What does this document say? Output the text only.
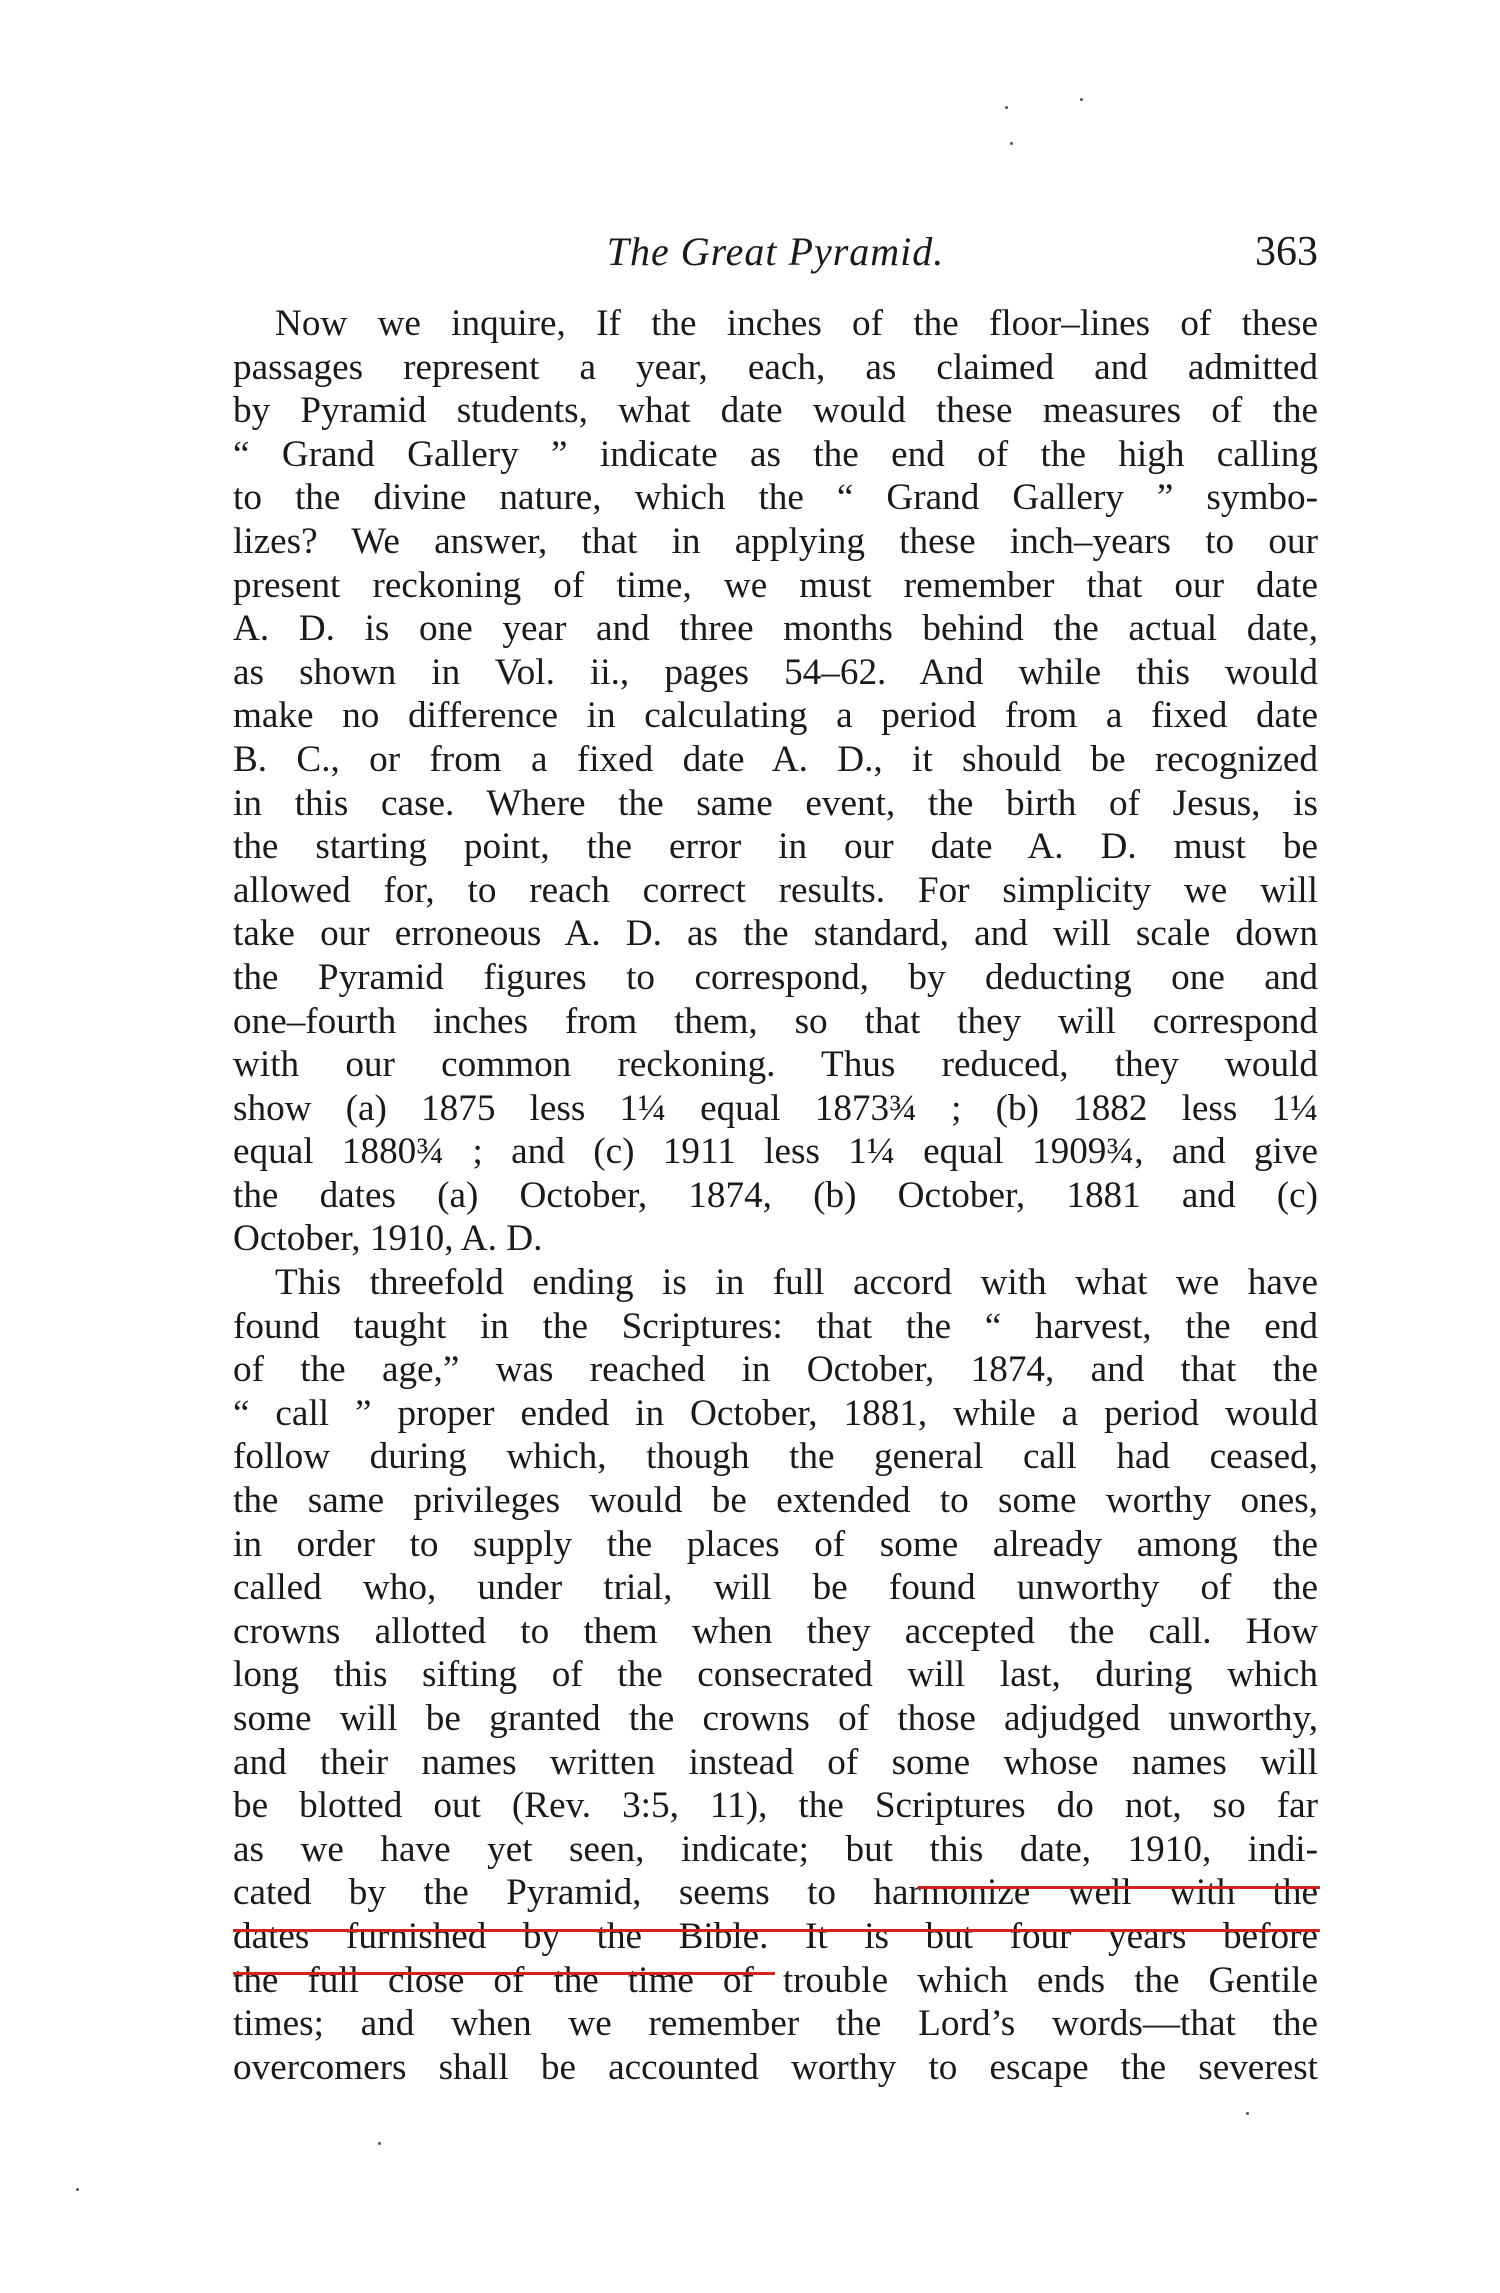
The Great Pyramid.	363
Now we inquire, If the inches of the floor–lines of these
passages represent a year, each, as claimed and admitted
by Pyramid students, what date would these measures of the
“ Grand Gallery ” indicate as the end of the high calling
to the divine nature, which the “ Grand Gallery ” symbo-
lizes? We answer, that in applying these inch–years to our
present reckoning of time, we must remember that our date
A. D. is one year and three months behind the actual date,
as shown in Vol. ii., pages 54–62. And while this would
make no difference in calculating a period from a fixed date
B. C., or from a fixed date A. D., it should be recognized
in this case. Where the same event, the birth of Jesus, is
the starting point, the error in our date A. D. must be
allowed for, to reach correct results. For simplicity we will
take our erroneous A. D. as the standard, and will scale down
the Pyramid figures to correspond, by deducting one and
one–fourth inches from them, so that they will correspond
with our common reckoning. Thus reduced, they would
show (a) 1875 less 1¼ equal 1873¾ ; (b) 1882 less 1¼
equal 1880¾ ; and (c) 1911 less 1¼ equal 1909¾, and give
the dates (a) October, 1874, (b) October, 1881 and (c)
October, 1910, A. D.
This threefold ending is in full accord with what we have
found taught in the Scriptures: that the “ harvest, the end
of the age,” was reached in October, 1874, and that the
“ call ” proper ended in October, 1881, while a period would
follow during which, though the general call had ceased,
the same privileges would be extended to some worthy ones,
in order to supply the places of some already among the
called who, under trial, will be found unworthy of the
crowns allotted to them when they accepted the call. How
long this sifting of the consecrated will last, during which
some will be granted the crowns of those adjudged unworthy,
and their names written instead of some whose names will
be blotted out (Rev. 3:5, 11), the Scriptures do not, so far
as we have yet seen, indicate; but this date, 1910, indi-
cated by the Pyramid, seems to harmonize well with the
dates furnished by the Bible. It is but four years before
the full close of the time of trouble which ends the Gentile
times; and when we remember the Lord’s words—that the
overcomers shall be accounted worthy to escape the severest
